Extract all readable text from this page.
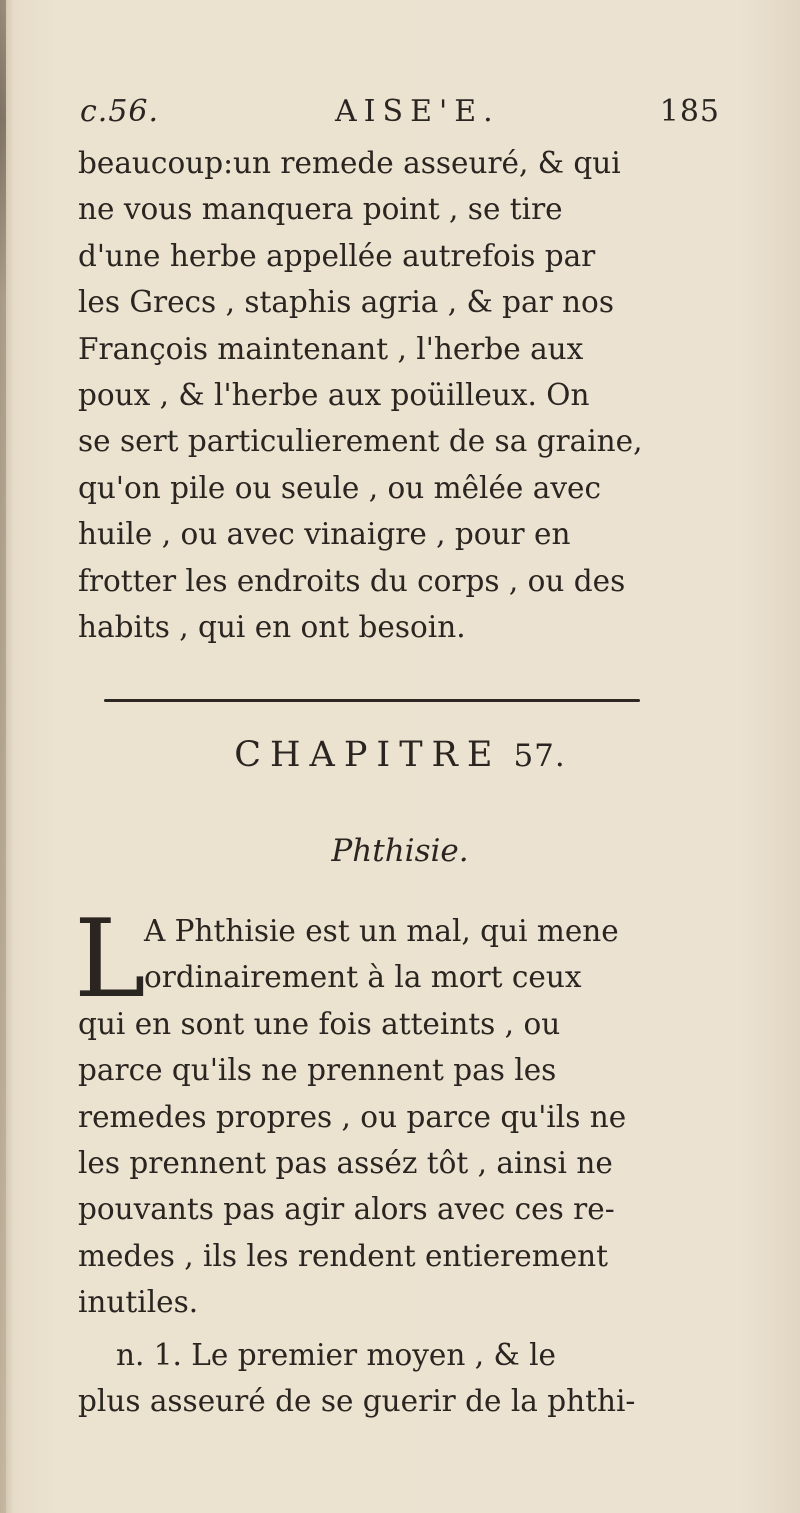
c.56.	AISE'E.	185

beaucoup:un remede asseuré, & qui
ne vous manquera point , se tire
d'une herbe appellée autrefois par
les Grecs , staphis agria , & par nos
François maintenant , l'herbe aux
poux , & l'herbe aux poüilleux. On
se sert particulierement de sa graine,
qu'on pile ou seule , ou mêlée avec
huile , ou avec vinaigre , pour en
frotter les endroits du corps , ou des
habits , qui en ont besoin.

CHAPITRE 57.
Phthisie.
L

A Phthisie est un mal, qui mene
ordinairement à la mort ceux
qui en sont une fois atteints , ou
parce qu'ils ne prennent pas les
remedes propres , ou parce qu'ils ne
les prennent pas asséz tôt , ainsi ne
pouvants pas agir alors avec ces re-
medes , ils les rendent entierement
inutiles.

n. 1. Le premier moyen , & le
plus asseuré de se guerir de la phthi-
